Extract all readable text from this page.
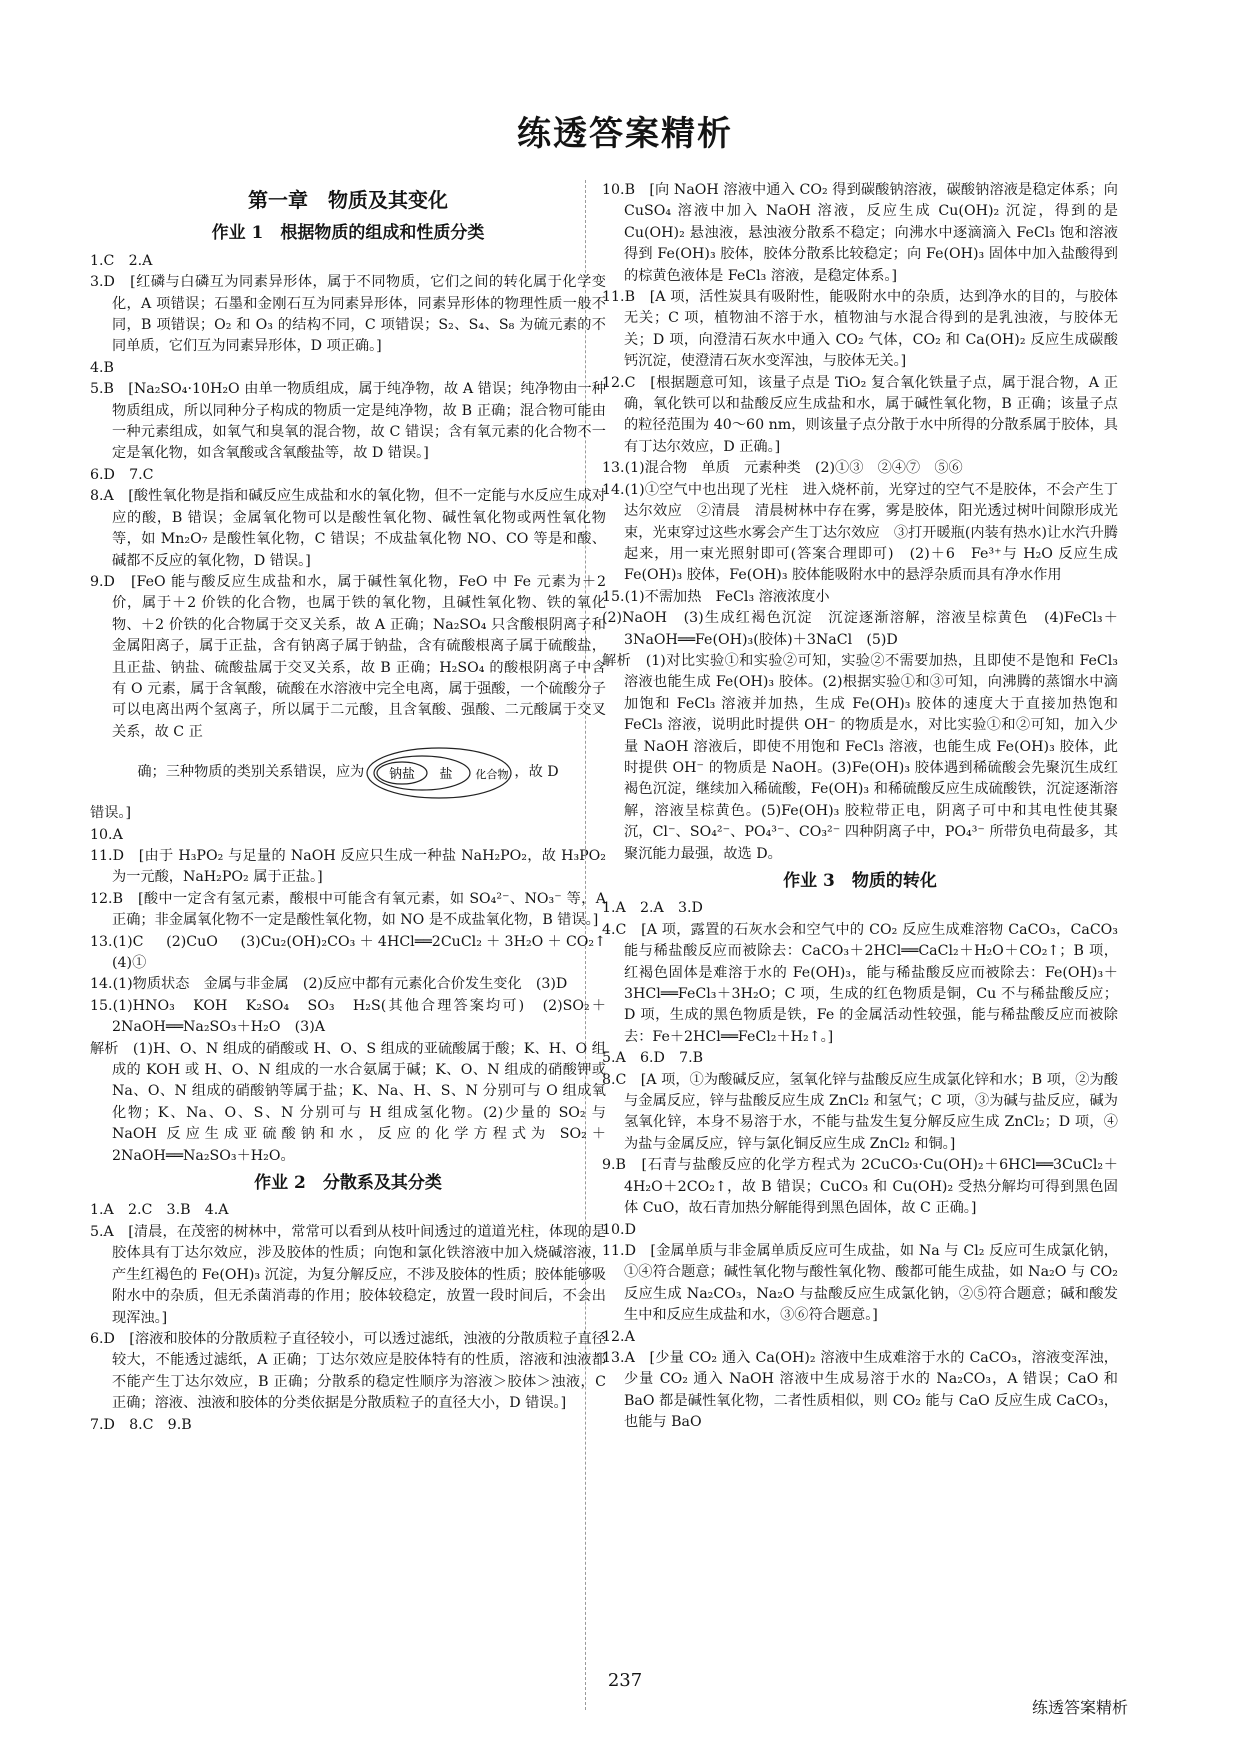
练透答案精析
第一章　物质及其变化
作业 1　根据物质的组成和性质分类

1.C　2.A

3.D　[红磷与白磷互为同素异形体，属于不同物质，它们之间的转化属于化学变化，A 项错误；石墨和金刚石互为同素异形体，同素异形体的物理性质一般不同，B 项错误；O₂ 和 O₃ 的结构不同，C 项错误；S₂、S₄、S₈ 为硫元素的不同单质，它们互为同素异形体，D 项正确。]

4.B

5.B　[Na₂SO₄·10H₂O 由单一物质组成，属于纯净物，故 A 错误；纯净物由一种物质组成，所以同种分子构成的物质一定是纯净物，故 B 正确；混合物可能由一种元素组成，如氧气和臭氧的混合物，故 C 错误；含有氧元素的化合物不一定是氧化物，如含氧酸或含氧酸盐等，故 D 错误。]

6.D　7.C

8.A　[酸性氧化物是指和碱反应生成盐和水的氧化物，但不一定能与水反应生成对应的酸，B 错误；金属氧化物可以是酸性氧化物、碱性氧化物或两性氧化物等，如 Mn₂O₇ 是酸性氧化物，C 错误；不成盐氧化物 NO、CO 等是和酸、碱都不反应的氧化物，D 错误。]

9.D　[FeO 能与酸反应生成盐和水，属于碱性氧化物，FeO 中 Fe 元素为＋2 价，属于＋2 价铁的化合物，也属于铁的氧化物，且碱性氧化物、铁的氧化物、＋2 价铁的化合物属于交叉关系，故 A 正确；Na₂SO₄ 只含酸根阴离子和金属阳离子，属于正盐，含有钠离子属于钠盐，含有硫酸根离子属于硫酸盐，且正盐、钠盐、硫酸盐属于交叉关系，故 B 正确；H₂SO₄ 的酸根阴离子中含有 O 元素，属于含氧酸，硫酸在水溶液中完全电离，属于强酸，一个硫酸分子可以电离出两个氢离子，所以属于二元酸，且含氧酸、强酸、二元酸属于交叉关系，故 C 正

确；三种物质的类别关系错误，应为 钠盐 盐 化合物 ，故 D

错误。]

10.A

11.D　[由于 H₃PO₂ 与足量的 NaOH 反应只生成一种盐 NaH₂PO₂，故 H₃PO₂ 为一元酸，NaH₂PO₂ 属于正盐。]

12.B　[酸中一定含有氢元素，酸根中可能含有氧元素，如 SO₄²⁻、NO₃⁻ 等，A 正确；非金属氧化物不一定是酸性氧化物，如 NO 是不成盐氧化物，B 错误。]

13.(1)C　(2)CuO　(3)Cu₂(OH)₂CO₃＋4HCl══2CuCl₂＋3H₂O＋CO₂↑　(4)①

14.(1)物质状态　金属与非金属　(2)反应中都有元素化合价发生变化　(3)D

15.(1)HNO₃　KOH　K₂SO₄　SO₃　H₂S(其他合理答案均可)　(2)SO₂＋2NaOH══Na₂SO₃＋H₂O　(3)A

解析　(1)H、O、N 组成的硝酸或 H、O、S 组成的亚硫酸属于酸；K、H、O 组成的 KOH 或 H、O、N 组成的一水合氨属于碱；K、O、N 组成的硝酸钾或 Na、O、N 组成的硝酸钠等属于盐；K、Na、H、S、N 分别可与 O 组成氧化物；K、Na、O、S、N 分别可与 H 组成氢化物。(2)少量的 SO₂ 与 NaOH 反应生成亚硫酸钠和水，反应的化学方程式为 SO₂＋2NaOH══Na₂SO₃＋H₂O。

作业 2　分散系及其分类

1.A　2.C　3.B　4.A

5.A　[清晨，在茂密的树林中，常常可以看到从枝叶间透过的道道光柱，体现的是胶体具有丁达尔效应，涉及胶体的性质；向饱和氯化铁溶液中加入烧碱溶液，产生红褐色的 Fe(OH)₃ 沉淀，为复分解反应，不涉及胶体的性质；胶体能够吸附水中的杂质，但无杀菌消毒的作用；胶体较稳定，放置一段时间后，不会出现浑浊。]

6.D　[溶液和胶体的分散质粒子直径较小，可以透过滤纸，浊液的分散质粒子直径较大，不能透过滤纸，A 正确；丁达尔效应是胶体特有的性质，溶液和浊液都不能产生丁达尔效应，B 正确；分散系的稳定性顺序为溶液＞胶体＞浊液，C 正确；溶液、浊液和胶体的分类依据是分散质粒子的直径大小，D 错误。]

7.D　8.C　9.B

10.B　[向 NaOH 溶液中通入 CO₂ 得到碳酸钠溶液，碳酸钠溶液是稳定体系；向 CuSO₄ 溶液中加入 NaOH 溶液，反应生成 Cu(OH)₂ 沉淀，得到的是 Cu(OH)₂ 悬浊液，悬浊液分散系不稳定；向沸水中逐滴滴入 FeCl₃ 饱和溶液得到 Fe(OH)₃ 胶体，胶体分散系比较稳定；向 Fe(OH)₃ 固体中加入盐酸得到的棕黄色液体是 FeCl₃ 溶液，是稳定体系。]

11.B　[A 项，活性炭具有吸附性，能吸附水中的杂质，达到净水的目的，与胶体无关；C 项，植物油不溶于水，植物油与水混合得到的是乳浊液，与胶体无关；D 项，向澄清石灰水中通入 CO₂ 气体，CO₂ 和 Ca(OH)₂ 反应生成碳酸钙沉淀，使澄清石灰水变浑浊，与胶体无关。]

12.C　[根据题意可知，该量子点是 TiO₂ 复合氧化铁量子点，属于混合物，A 正确，氧化铁可以和盐酸反应生成盐和水，属于碱性氧化物，B 正确；该量子点的粒径范围为 40～60 nm，则该量子点分散于水中所得的分散系属于胶体，具有丁达尔效应，D 正确。]

13.(1)混合物　单质　元素种类　(2)①③　②④⑦　⑤⑥

14.(1)①空气中也出现了光柱　进入烧杯前，光穿过的空气不是胶体，不会产生丁达尔效应　②清晨　清晨树林中存在雾，雾是胶体，阳光透过树叶间隙形成光束，光束穿过这些水雾会产生丁达尔效应　③打开暖瓶(内装有热水)让水汽升腾起来，用一束光照射即可(答案合理即可)　(2)＋6　Fe³⁺与 H₂O 反应生成 Fe(OH)₃ 胶体，Fe(OH)₃ 胶体能吸附水中的悬浮杂质而具有净水作用

15.(1)不需加热　FeCl₃ 溶液浓度小

(2)NaOH　(3)生成红褐色沉淀　沉淀逐渐溶解，溶液呈棕黄色　(4)FeCl₃＋3NaOH══Fe(OH)₃(胶体)＋3NaCl　(5)D

解析　(1)对比实验①和实验②可知，实验②不需要加热，且即使不是饱和 FeCl₃ 溶液也能生成 Fe(OH)₃ 胶体。(2)根据实验①和③可知，向沸腾的蒸馏水中滴加饱和 FeCl₃ 溶液并加热，生成 Fe(OH)₃ 胶体的速度大于直接加热饱和 FeCl₃ 溶液，说明此时提供 OH⁻ 的物质是水，对比实验①和②可知，加入少量 NaOH 溶液后，即使不用饱和 FeCl₃ 溶液，也能生成 Fe(OH)₃ 胶体，此时提供 OH⁻ 的物质是 NaOH。(3)Fe(OH)₃ 胶体遇到稀硫酸会先聚沉生成红褐色沉淀，继续加入稀硫酸，Fe(OH)₃ 和稀硫酸反应生成硫酸铁，沉淀逐渐溶解，溶液呈棕黄色。(5)Fe(OH)₃ 胶粒带正电，阴离子可中和其电性使其聚沉，Cl⁻、SO₄²⁻、PO₄³⁻、CO₃²⁻ 四种阴离子中，PO₄³⁻ 所带负电荷最多，其聚沉能力最强，故选 D。

作业 3　物质的转化

1.A　2.A　3.D

4.C　[A 项，露置的石灰水会和空气中的 CO₂ 反应生成难溶物 CaCO₃，CaCO₃ 能与稀盐酸反应而被除去：CaCO₃＋2HCl══CaCl₂＋H₂O＋CO₂↑；B 项，红褐色固体是难溶于水的 Fe(OH)₃，能与稀盐酸反应而被除去：Fe(OH)₃＋3HCl══FeCl₃＋3H₂O；C 项，生成的红色物质是铜，Cu 不与稀盐酸反应；D 项，生成的黑色物质是铁，Fe 的金属活动性较强，能与稀盐酸反应而被除去：Fe＋2HCl══FeCl₂＋H₂↑。]

5.A　6.D　7.B

8.C　[A 项，①为酸碱反应，氢氧化锌与盐酸反应生成氯化锌和水；B 项，②为酸与金属反应，锌与盐酸反应生成 ZnCl₂ 和氢气；C 项，③为碱与盐反应，碱为氢氧化锌，本身不易溶于水，不能与盐发生复分解反应生成 ZnCl₂；D 项，④为盐与金属反应，锌与氯化铜反应生成 ZnCl₂ 和铜。]

9.B　[石青与盐酸反应的化学方程式为 2CuCO₃·Cu(OH)₂＋6HCl══3CuCl₂＋4H₂O＋2CO₂↑，故 B 错误；CuCO₃ 和 Cu(OH)₂ 受热分解均可得到黑色固体 CuO，故石青加热分解能得到黑色固体，故 C 正确。]

10.D

11.D　[金属单质与非金属单质反应可生成盐，如 Na 与 Cl₂ 反应可生成氯化钠，①④符合题意；碱性氧化物与酸性氧化物、酸都可能生成盐，如 Na₂O 与 CO₂ 反应生成 Na₂CO₃，Na₂O 与盐酸反应生成氯化钠，②⑤符合题意；碱和酸发生中和反应生成盐和水，③⑥符合题意。]

12.A

13.A　[少量 CO₂ 通入 Ca(OH)₂ 溶液中生成难溶于水的 CaCO₃，溶液变浑浊，少量 CO₂ 通入 NaOH 溶液中生成易溶于水的 Na₂CO₃，A 错误；CaO 和 BaO 都是碱性氧化物，二者性质相似，则 CO₂ 能与 CaO 反应生成 CaCO₃，也能与 BaO

237
练透答案精析
